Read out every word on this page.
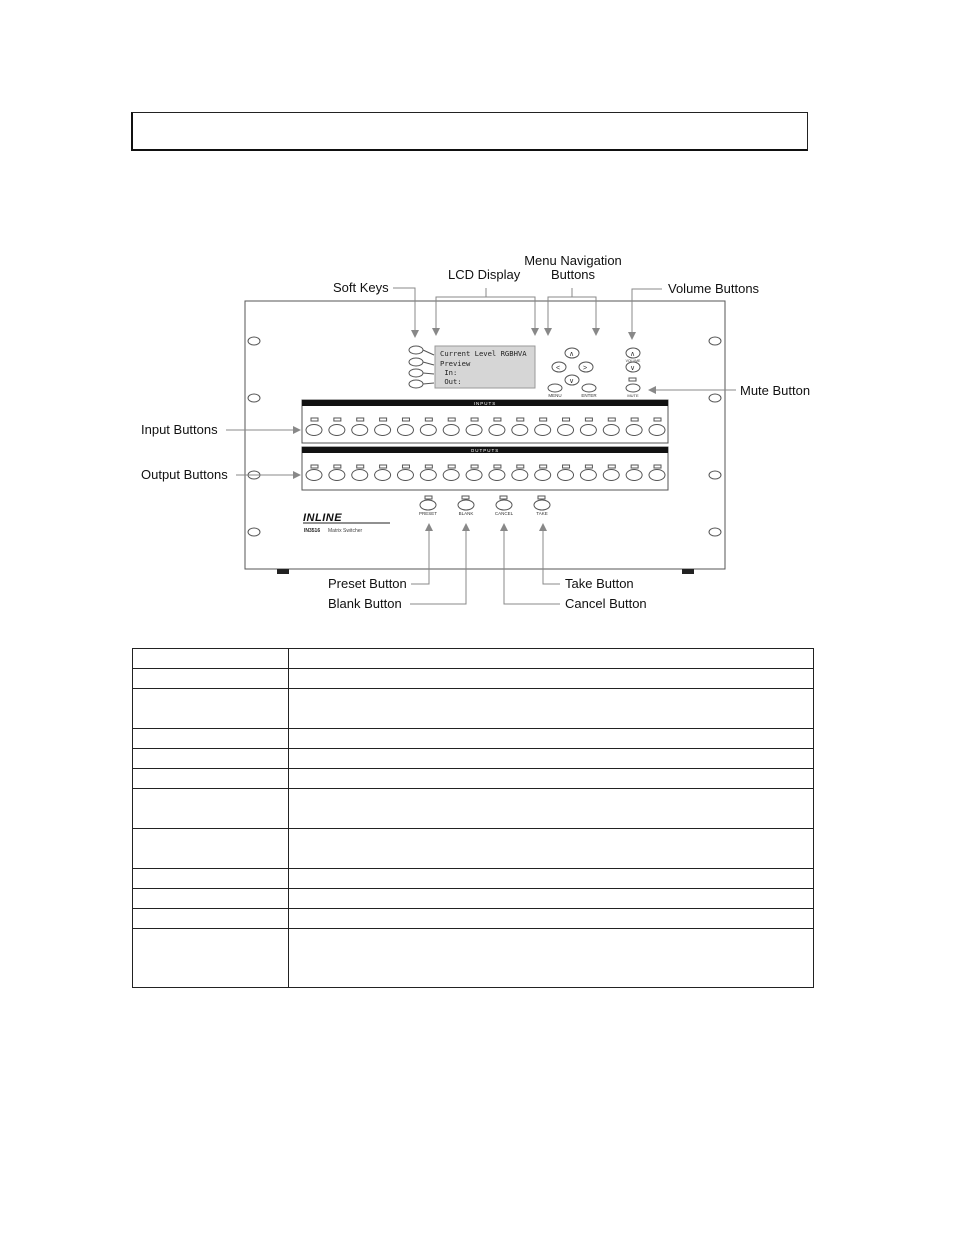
Current Level RGBHVA
Preview
In:
Out:
∧
<	>
∨
MENU	ENTER
∧
VOLUME
∨
MUTE
INPUTS
OUTPUTS
PRESET	BLANK	CANCEL	TAKE
INLINE
IN3516 Matrix Switcher
Soft Keys
LCD Display
Menu Navigation
Buttons
Volume Buttons
Mute Button
Input Buttons
Output Buttons
Preset Button
Blank Button
Take Button
Cancel Button
